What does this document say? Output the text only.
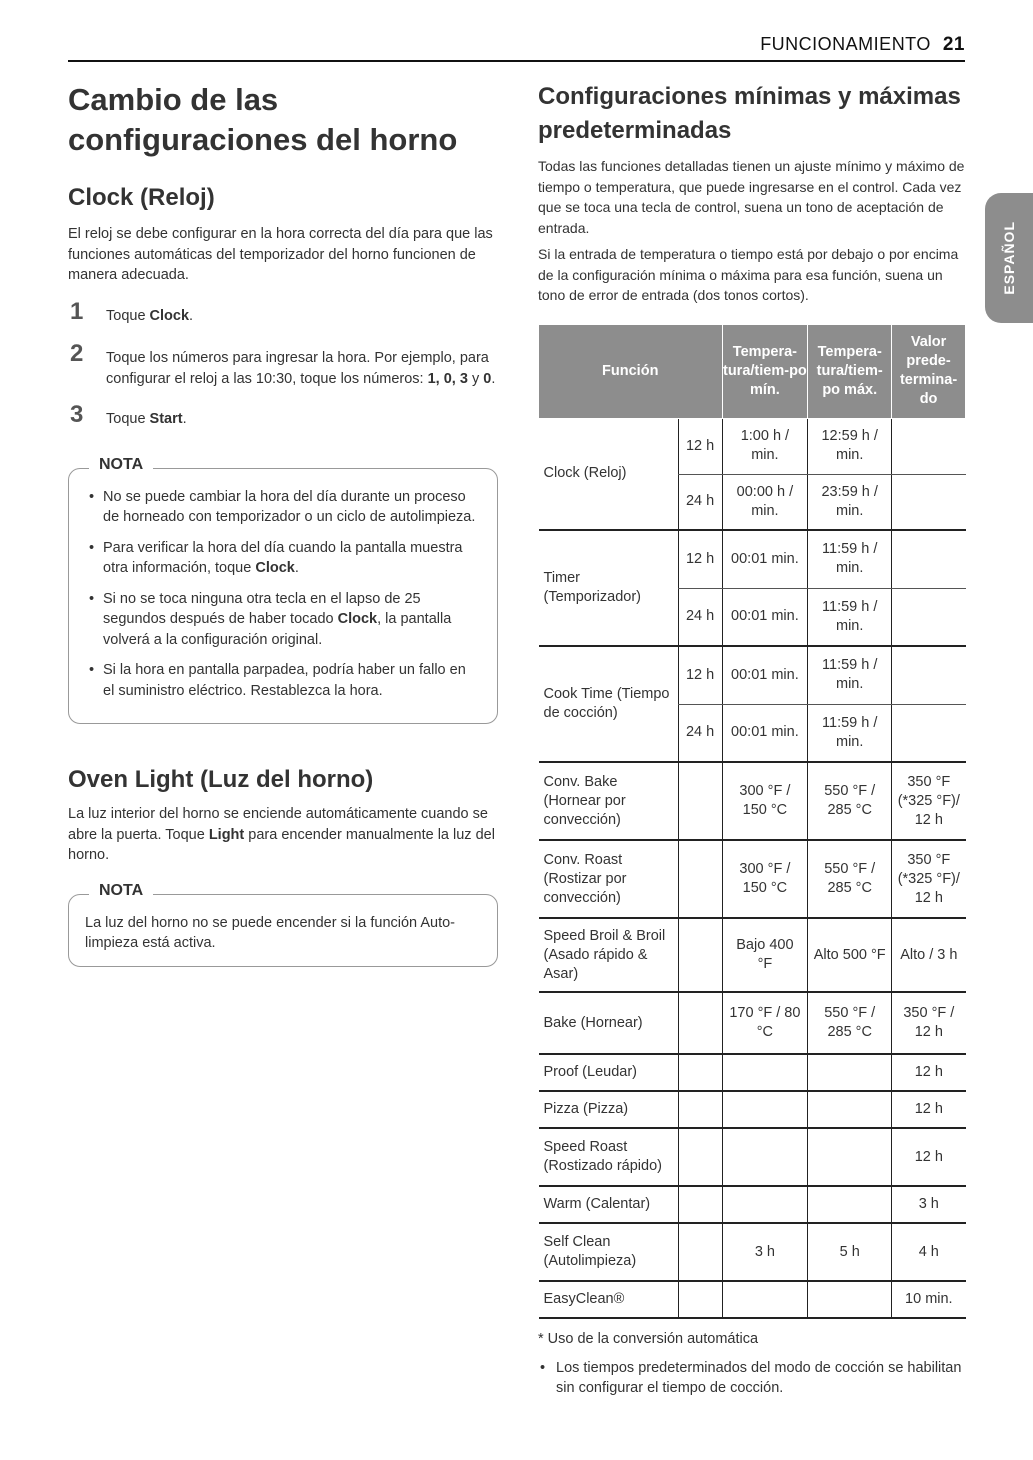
FUNCIONAMIENTO 21
ESPAÑOL
Cambio de las configuraciones del horno
Clock (Reloj)

El reloj se debe configurar en la hora correcta del día para que las funciones automáticas del temporizador del horno funcionen de manera adecuada.

1 Toque Clock.
2 Toque los números para ingresar la hora. Por ejemplo, para configurar el reloj a las 10:30, toque los números: 1, 0, 3 y 0.
3 Toque Start.
NOTA
• No se puede cambiar la hora del día durante un proceso de horneado con temporizador o un ciclo de autolimpieza.
• Para verificar la hora del día cuando la pantalla muestra otra información, toque Clock.
• Si no se toca ninguna otra tecla en el lapso de 25 segundos después de haber tocado Clock, la pantalla volverá a la configuración original.
• Si la hora en pantalla parpadea, podría haber un fallo en el suministro eléctrico. Restablezca la hora.
Oven Light (Luz del horno)

La luz interior del horno se enciende automáticamente cuando se abre la puerta. Toque Light para encender manualmente la luz del horno.

NOTA

La luz del horno no se puede encender si la función Auto-limpieza está activa.

Configuraciones mínimas y máximas predeterminadas

Todas las funciones detalladas tienen un ajuste mínimo y máximo de tiempo o temperatura, que puede ingresarse en el control. Cada vez que se toca una tecla de control, suena un tono de aceptación de entrada.

Si la entrada de temperatura o tiempo está por debajo o por encima de la configuración mínima o máxima para esa función, suena un tono de error de entrada (dos tonos cortos).

Función		Tempera-tura/tiem-po mín.	Tempera-tura/tiem-po máx.	Valor prede-termina-do
Clock (Reloj)	12 h	1:00 h / min.	12:59 h / min.	
	24 h	00:00 h / min.	23:59 h / min.	
Timer (Temporizador)	12 h	00:01 min.	11:59 h / min.	
	24 h	00:01 min.	11:59 h / min.	
Cook Time (Tiempo de cocción)	12 h	00:01 min.	11:59 h / min.	
	24 h	00:01 min.	11:59 h / min.	
Conv. Bake (Hornear por convección)		300 °F / 150 °C	550 °F / 285 °C	350 °F (*325 °F)/ 12 h
Conv. Roast (Rostizar por convección)		300 °F / 150 °C	550 °F / 285 °C	350 °F (*325 °F)/ 12 h
Speed Broil & Broil (Asado rápido & Asar)		Bajo 400 °F	Alto 500 °F	Alto / 3 h
Bake (Hornear)		170 °F / 80 °C	550 °F / 285 °C	350 °F / 12 h
Proof (Leudar)				12 h
Pizza (Pizza)				12 h
Speed Roast (Rostizado rápido)				12 h
Warm (Calentar)				3 h
Self Clean (Autolimpieza)		3 h	5 h	4 h
EasyClean®				10 min.

* Uso de la conversión automática

• Los tiempos predeterminados del modo de cocción se habilitan sin configurar el tiempo de cocción.
